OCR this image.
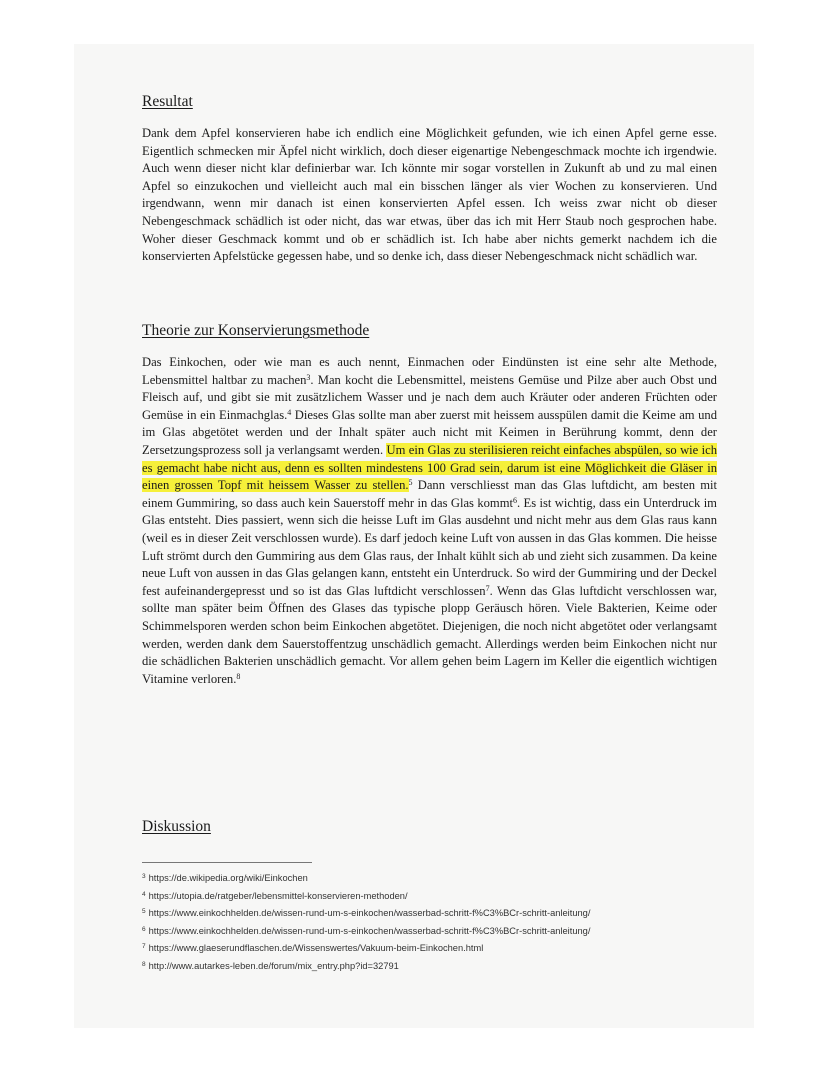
Resultat

Dank dem Apfel konservieren habe ich endlich eine Möglichkeit gefunden, wie ich einen Apfel gerne esse. Eigentlich schmecken mir Äpfel nicht wirklich, doch dieser eigenartige Nebengeschmack mochte ich irgendwie. Auch wenn dieser nicht klar definierbar war. Ich könnte mir sogar vorstellen in Zukunft ab und zu mal einen Apfel so einzukochen und vielleicht auch mal ein bisschen länger als vier Wochen zu konservieren. Und irgendwann, wenn mir danach ist einen konservierten Apfel essen. Ich weiss zwar nicht ob dieser Nebengeschmack schädlich ist oder nicht, das war etwas, über das ich mit Herr Staub noch gesprochen habe. Woher dieser Geschmack kommt und ob er schädlich ist. Ich habe aber nichts gemerkt nachdem ich die konservierten Apfelstücke gegessen habe, und so denke ich, dass dieser Nebengeschmack nicht schädlich war.

Theorie zur Konservierungsmethode

Das Einkochen, oder wie man es auch nennt, Einmachen oder Eindünsten ist eine sehr alte Methode, Lebensmittel haltbar zu machen$^3$. Man kocht die Lebensmittel, meistens Gemüse und Pilze aber auch Obst und Fleisch auf, und gibt sie mit zusätzlichem Wasser und je nach dem auch Kräuter oder anderen Früchten oder Gemüse in ein Einmachglas.$^4$ Dieses Glas sollte man aber zuerst mit heissem ausspülen damit die Keime am und im Glas abgetötet werden und der Inhalt später auch nicht mit Keimen in Berührung kommt, denn der Zersetzungsprozess soll ja verlangsamt werden. Um ein Glas zu sterilisieren reicht einfaches abspülen, so wie ich es gemacht habe nicht aus, denn es sollten mindestens 100 Grad sein, darum ist eine Möglichkeit die Gläser in einen grossen Topf mit heissem Wasser zu stellen.$^5$ Dann verschliesst man das Glas luftdicht, am besten mit einem Gummiring, so dass auch kein Sauerstoff mehr in das Glas kommt$^6$. Es ist wichtig, dass ein Unterdruck im Glas entsteht. Dies passiert, wenn sich die heisse Luft im Glas ausdehnt und nicht mehr aus dem Glas raus kann (weil es in dieser Zeit verschlossen wurde). Es darf jedoch keine Luft von aussen in das Glas kommen. Die heisse Luft strömt durch den Gummiring aus dem Glas raus, der Inhalt kühlt sich ab und zieht sich zusammen. Da keine neue Luft von aussen in das Glas gelangen kann, entsteht ein Unterdruck. So wird der Gummiring und der Deckel fest aufeinandergepresst und so ist das Glas luftdicht verschlossen$^7$. Wenn das Glas luftdicht verschlossen war, sollte man später beim Öffnen des Glases das typische plopp Geräusch hören. Viele Bakterien, Keime oder Schimmelsporen werden schon beim Einkochen abgetötet. Diejenigen, die noch nicht abgetötet oder verlangsamt werden, werden dank dem Sauerstoffentzug unschädlich gemacht. Allerdings werden beim Einkochen nicht nur die schädlichen Bakterien unschädlich gemacht. Vor allem gehen beim Lagern im Keller die eigentlich wichtigen Vitamine verloren.$^8$

Diskussion
$^3$ https://de.wikipedia.org/wiki/Einkochen
$^4$ https://utopia.de/ratgeber/lebensmittel-konservieren-methoden/
$^5$ https://www.einkochhelden.de/wissen-rund-um-s-einkochen/wasserbad-schritt-f%C3%BCr-schritt-anleitung/
$^6$ https://www.einkochhelden.de/wissen-rund-um-s-einkochen/wasserbad-schritt-f%C3%BCr-schritt-anleitung/
$^7$ https://www.glaeserundflaschen.de/Wissenswertes/Vakuum-beim-Einkochen.html
$^8$ http://www.autarkes-leben.de/forum/mix_entry.php?id=32791
